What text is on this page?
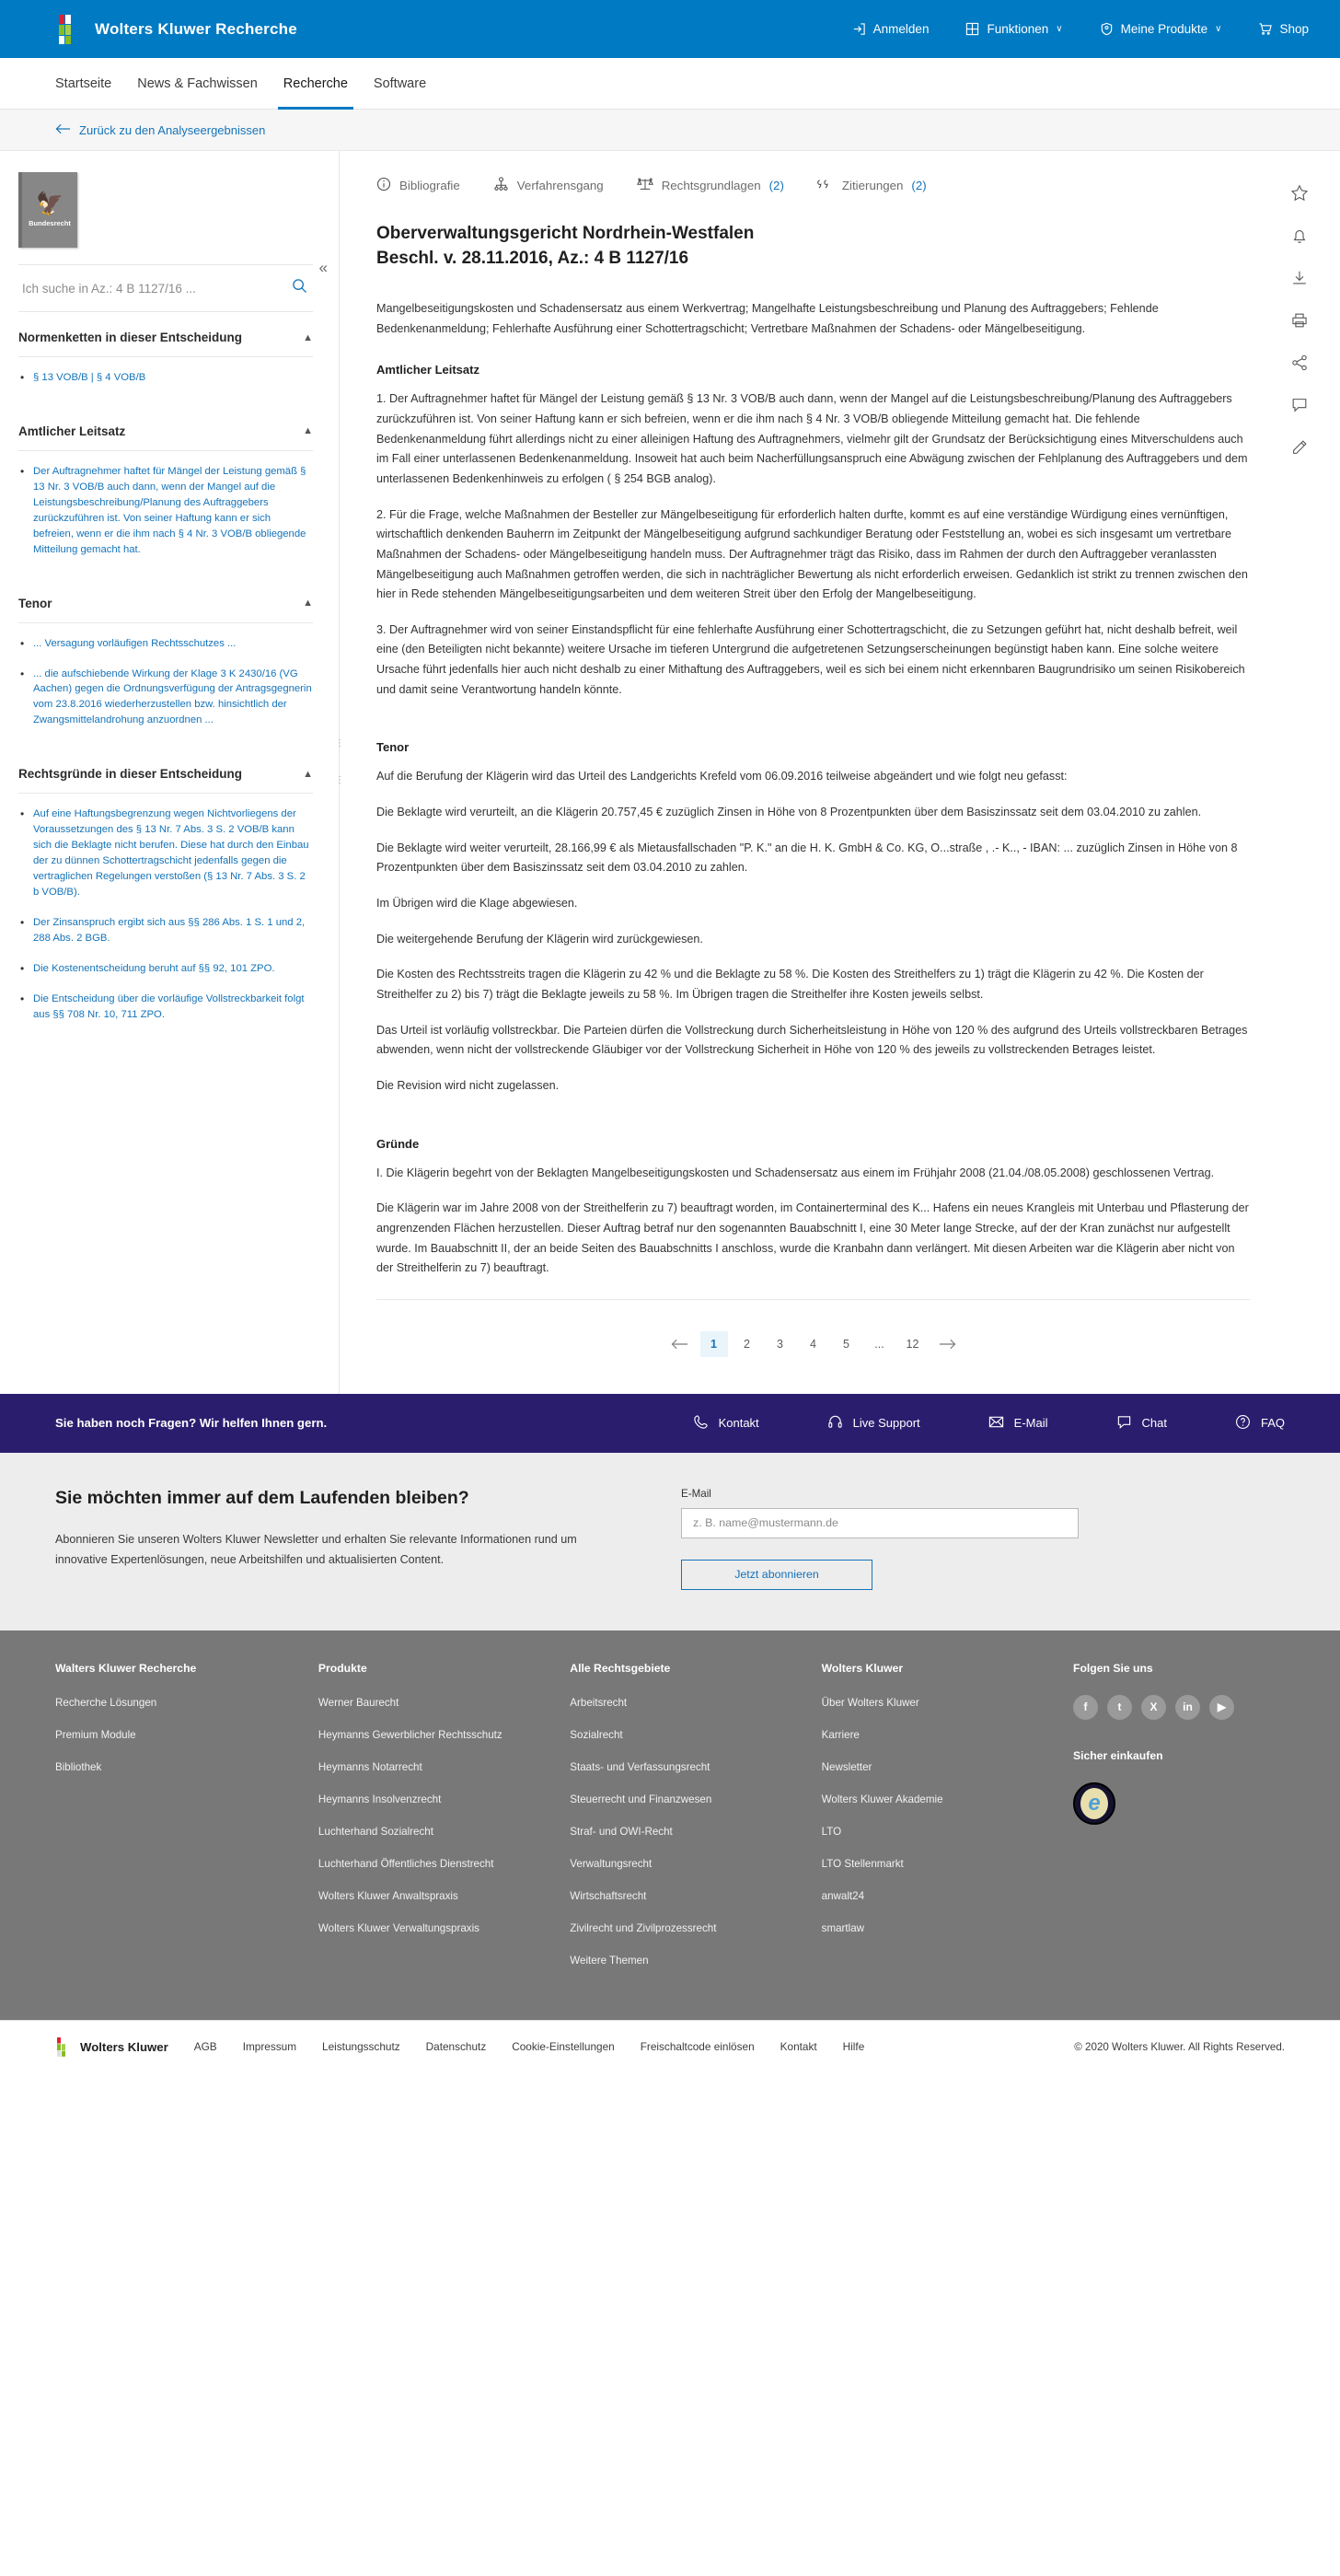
Wolters Kluwer Recherche	Anmelden	Funktionen ∨	Meine Produkte ∨	Shop
Startseite	News & Fachwissen	Recherche	Software
Zurück zu den Analyseergebnissen
«
🦅
Bundesrecht
Ich suche in Az.: 4 B 1127/16 ...
Normenketten in dieser Entscheidung	▲
• § 13 VOB/B | § 4 VOB/B
Amtlicher Leitsatz	▲
• Der Auftragnehmer haftet für Mängel der Leistung gemäß § 13 Nr. 3 VOB/B auch dann, wenn der Mangel auf die Leistungsbeschreibung/Planung des Auftraggebers zurückzuführen ist. Von seiner Haftung kann er sich befreien, wenn er die ihm nach § 4 Nr. 3 VOB/B obliegende Mitteilung gemacht hat.
Tenor	▲
• ... Versagung vorläufigen Rechtsschutzes ...
• ... die aufschiebende Wirkung der Klage 3 K 2430/16 (VG Aachen) gegen die Ordnungsverfügung der Antragsgegnerin vom 23.8.2016 wiederherzustellen bzw. hinsichtlich der Zwangsmittelandrohung anzuordnen ...
Rechtsgründe in dieser Entscheidung	▲
• Auf eine Haftungsbegrenzung wegen Nichtvorliegens der Voraussetzungen des § 13 Nr. 7 Abs. 3 S. 2 VOB/B kann sich die Beklagte nicht berufen. Diese hat durch den Einbau der zu dünnen Schottertragschicht jedenfalls gegen die vertraglichen Regelungen verstoßen (§ 13 Nr. 7 Abs. 3 S. 2 b VOB/B).
• Der Zinsanspruch ergibt sich aus §§ 286 Abs. 1 S. 1 und 2, 288 Abs. 2 BGB.
• Die Kostenentscheidung beruht auf §§ 92, 101 ZPO.
• Die Entscheidung über die vorläufige Vollstreckbarkeit folgt aus §§ 708 Nr. 10, 711 ZPO.
⋮
⋮
Bibliografie	Verfahrensgang	Rechtsgrundlagen (2)	Zitierungen (2)
Oberverwaltungsgericht Nordrhein-Westfalen
Beschl. v. 28.11.2016, Az.: 4 B 1127/16

Mangelbeseitigungskosten und Schadensersatz aus einem Werkvertrag; Mangelhafte Leistungsbeschreibung und Planung des Auftraggebers; Fehlende Bedenkenanmeldung; Fehlerhafte Ausführung einer Schottertragschicht; Vertretbare Maßnahmen der Schadens- oder Mängelbeseitigung.

Amtlicher Leitsatz

1. Der Auftragnehmer haftet für Mängel der Leistung gemäß § 13 Nr. 3 VOB/B auch dann, wenn der Mangel auf die Leistungsbeschreibung/Planung des Auftraggebers zurückzuführen ist. Von seiner Haftung kann er sich befreien, wenn er die ihm nach § 4 Nr. 3 VOB/B obliegende Mitteilung gemacht hat. Die fehlende Bedenkenanmeldung führt allerdings nicht zu einer alleinigen Haftung des Auftragnehmers, vielmehr gilt der Grundsatz der Berücksichtigung eines Mitverschuldens auch im Fall einer unterlassenen Bedenkenanmeldung. Insoweit hat auch beim Nacherfüllungsanspruch eine Abwägung zwischen der Fehlplanung des Auftraggebers und dem unterlassenen Bedenkenhinweis zu erfolgen ( § 254 BGB analog).

2. Für die Frage, welche Maßnahmen der Besteller zur Mängelbeseitigung für erforderlich halten durfte, kommt es auf eine verständige Würdigung eines vernünftigen, wirtschaftlich denkenden Bauherrn im Zeitpunkt der Mängelbeseitigung aufgrund sachkundiger Beratung oder Feststellung an, wobei es sich insgesamt um vertretbare Maßnahmen der Schadens- oder Mängelbeseitigung handeln muss. Der Auftragnehmer trägt das Risiko, dass im Rahmen der durch den Auftraggeber veranlassten Mängelbeseitigung auch Maßnahmen getroffen werden, die sich in nachträglicher Bewertung als nicht erforderlich erweisen. Gedanklich ist strikt zu trennen zwischen den hier in Rede stehenden Mängelbeseitigungsarbeiten und dem weiteren Streit über den Erfolg der Mangelbeseitigung.

3. Der Auftragnehmer wird von seiner Einstandspflicht für eine fehlerhafte Ausführung einer Schottertragschicht, die zu Setzungen geführt hat, nicht deshalb befreit, weil eine (den Beteiligten nicht bekannte) weitere Ursache im tieferen Untergrund die aufgetretenen Setzungserscheinungen begünstigt haben kann. Eine solche weitere Ursache führt jedenfalls hier auch nicht deshalb zu einer Mithaftung des Auftraggebers, weil es sich bei einem nicht erkennbaren Baugrundrisiko um seinen Risikobereich und damit seine Verantwortung handeln könnte.

Tenor

Auf die Berufung der Klägerin wird das Urteil des Landgerichts Krefeld vom 06.09.2016 teilweise abgeändert und wie folgt neu gefasst:

Die Beklagte wird verurteilt, an die Klägerin 20.757,45 € zuzüglich Zinsen in Höhe von 8 Prozentpunkten über dem Basiszinssatz seit dem 03.04.2010 zu zahlen.

Die Beklagte wird weiter verurteilt, 28.166,99 € als Mietausfallschaden "P. K." an die H. K. GmbH & Co. KG, O...straße , .- K.., - IBAN: ... zuzüglich Zinsen in Höhe von 8 Prozentpunkten über dem Basiszinssatz seit dem 03.04.2010 zu zahlen.

Im Übrigen wird die Klage abgewiesen.

Die weitergehende Berufung der Klägerin wird zurückgewiesen.

Die Kosten des Rechtsstreits tragen die Klägerin zu 42 % und die Beklagte zu 58 %. Die Kosten des Streithelfers zu 1) trägt die Klägerin zu 42 %. Die Kosten der Streithelfer zu 2) bis 7) trägt die Beklagte jeweils zu 58 %. Im Übrigen tragen die Streithelfer ihre Kosten jeweils selbst.

Das Urteil ist vorläufig vollstreckbar. Die Parteien dürfen die Vollstreckung durch Sicherheitsleistung in Höhe von 120 % des aufgrund des Urteils vollstreckbaren Betrages abwenden, wenn nicht der vollstreckende Gläubiger vor der Vollstreckung Sicherheit in Höhe von 120 % des jeweils zu vollstreckenden Betrages leistet.

Die Revision wird nicht zugelassen.

Gründe

I. Die Klägerin begehrt von der Beklagten Mangelbeseitigungskosten und Schadensersatz aus einem im Frühjahr 2008 (21.04./08.05.2008) geschlossenen Vertrag.

Die Klägerin war im Jahre 2008 von der Streithelferin zu 7) beauftragt worden, im Containerterminal des K... Hafens ein neues Krangleis mit Unterbau und Pflasterung der angrenzenden Flächen herzustellen. Dieser Auftrag betraf nur den sogenannten Bauabschnitt I, eine 30 Meter lange Strecke, auf der der Kran zunächst nur aufgestellt wurde. Im Bauabschnitt II, der an beide Seiten des Bauabschnitts I anschloss, wurde die Kranbahn dann verlängert. Mit diesen Arbeiten war die Klägerin aber nicht von der Streithelferin zu 7) beauftragt.

1	2	3	4	5	...	12
Sie haben noch Fragen? Wir helfen Ihnen gern.	Kontakt	Live Support	E-Mail	Chat	FAQ
Sie möchten immer auf dem Laufenden bleiben?
Abonnieren Sie unseren Wolters Kluwer Newsletter und erhalten Sie relevante Informationen rund um innovative Expertenlösungen, neue Arbeitshilfen und aktualisierten Content.
E-Mail
z. B. name@mustermann.de
Jetzt abonnieren
Walters Kluwer Recherche
Recherche Lösungen
Premium Module
Bibliothek
Produkte
Werner Baurecht
Heymanns Gewerblicher Rechtsschutz
Heymanns Notarrecht
Heymanns Insolvenzrecht
Luchterhand Sozialrecht
Luchterhand Öffentliches Dienstrecht
Wolters Kluwer Anwaltspraxis
Wolters Kluwer Verwaltungspraxis
Alle Rechtsgebiete
Arbeitsrecht
Sozialrecht
Staats- und Verfassungsrecht
Steuerrecht und Finanzwesen
Straf- und OWI-Recht
Verwaltungsrecht
Wirtschaftsrecht
Zivilrecht und Zivilprozessrecht
Weitere Themen
Wolters Kluwer
Über Wolters Kluwer
Karriere
Newsletter
Wolters Kluwer Akademie
LTO
LTO Stellenmarkt
anwalt24
smartlaw
Folgen Sie uns
f	t	X	in	▶
Sicher einkaufen
e
Wolters Kluwer AGB Impressum Leistungsschutz Datenschutz Cookie-Einstellungen Freischaltcode einlösen Kontakt Hilfe	© 2020 Wolters Kluwer. All Rights Reserved.
